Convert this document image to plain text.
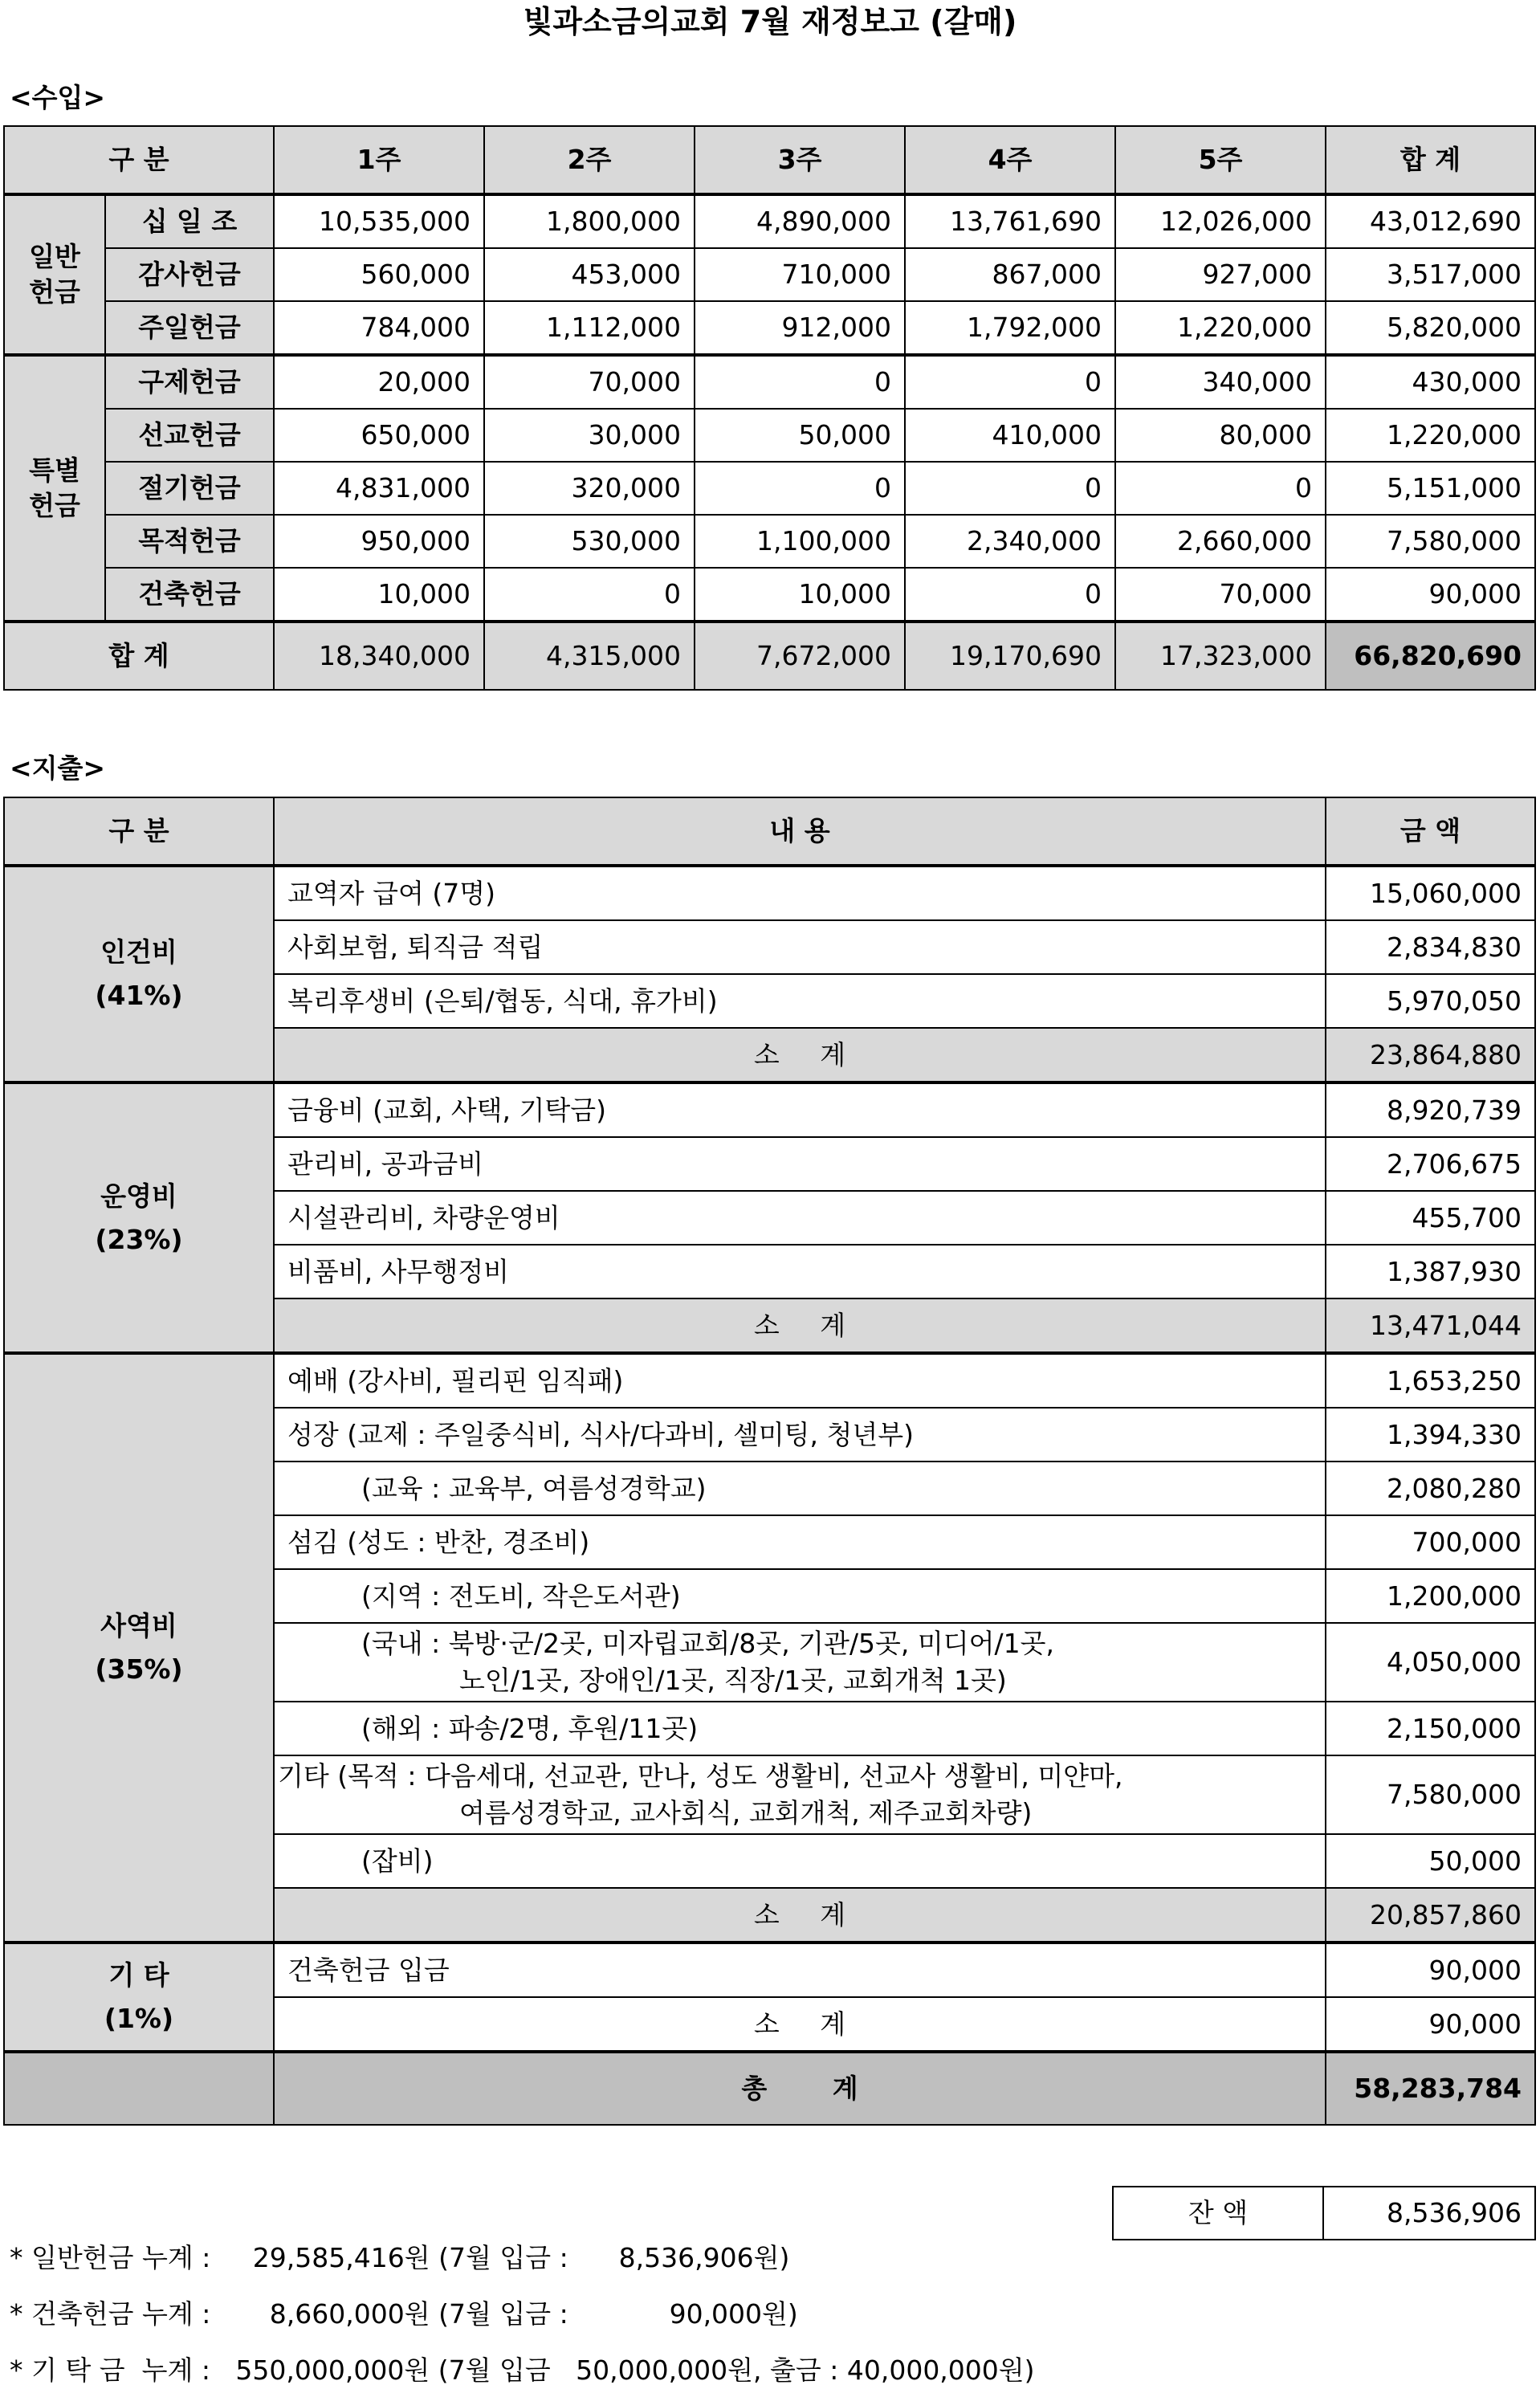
빛과소금의교회 7월 재정보고 (갈매)
<수입>
구 분		1주	2주	3주	4주	5주	합 계
일반
헌금	십 일 조	10,535,000	1,800,000	4,890,000	13,761,690	12,026,000	43,012,690
	감사헌금	560,000	453,000	710,000	867,000	927,000	3,517,000
	주일헌금	784,000	1,112,000	912,000	1,792,000	1,220,000	5,820,000
특별
헌금	구제헌금	20,000	70,000	0	0	340,000	430,000
	선교헌금	650,000	30,000	50,000	410,000	80,000	1,220,000
	절기헌금	4,831,000	320,000	0	0	0	5,151,000
	목적헌금	950,000	530,000	1,100,000	2,340,000	2,660,000	7,580,000
	건축헌금	10,000	0	10,000	0	70,000	90,000
합 계		18,340,000	4,315,000	7,672,000	19,170,690	17,323,000	66,820,690
<지출>
구 분	내 용	금 액

인건비
(41%)	교역자 급여 (7명)	15,060,000
	사회보험, 퇴직금 적립	2,834,830
	복리후생비 (은퇴/협동, 식대, 휴가비)	5,970,050
	소 계	23,864,880

운영비
(23%)	금융비 (교회, 사택, 기탁금)	8,920,739
	관리비, 공과금비	2,706,675
	시설관리비, 차량운영비	455,700
	비품비, 사무행정비	1,387,930
	소 계	13,471,044

사역비
(35%)	예배 (강사비, 필리핀 임직패)	1,653,250
	성장 (교제 : 주일중식비, 식사/다과비, 셀미팅, 청년부)	1,394,330
	(교육 : 교육부, 여름성경학교)	2,080,280
	섬김 (성도 : 반찬, 경조비)	700,000
	(지역 : 전도비, 작은도서관)	1,200,000

	(국내 : 북방·군/2곳, 미자립교회/8곳, 기관/5곳, 미디어/1곳,
노인/1곳, 장애인/1곳, 직장/1곳, 교회개척 1곳)	4,050,000
	(해외 : 파송/2명, 후원/11곳)	2,150,000

	기타 (목적 : 다음세대, 선교관, 만나, 성도 생활비, 선교사 생활비, 미얀마,
여름성경학교, 교사회식, 교회개척, 제주교회차량)	7,580,000
	(잡비)	50,000
	소 계	20,857,860

기 타
(1%)	건축헌금 입금	90,000
	소 계	90,000
	총 계	58,283,784
잔 액	8,536,906
* 일반헌금 누계 :     29,585,416원 (7월 입금 :      8,536,906원)
* 건축헌금 누계 :       8,660,000원 (7월 입금 :            90,000원)
* 기 탁 금  누계 :   550,000,000원 (7월 입금   50,000,000원, 출금 : 40,000,000원)
